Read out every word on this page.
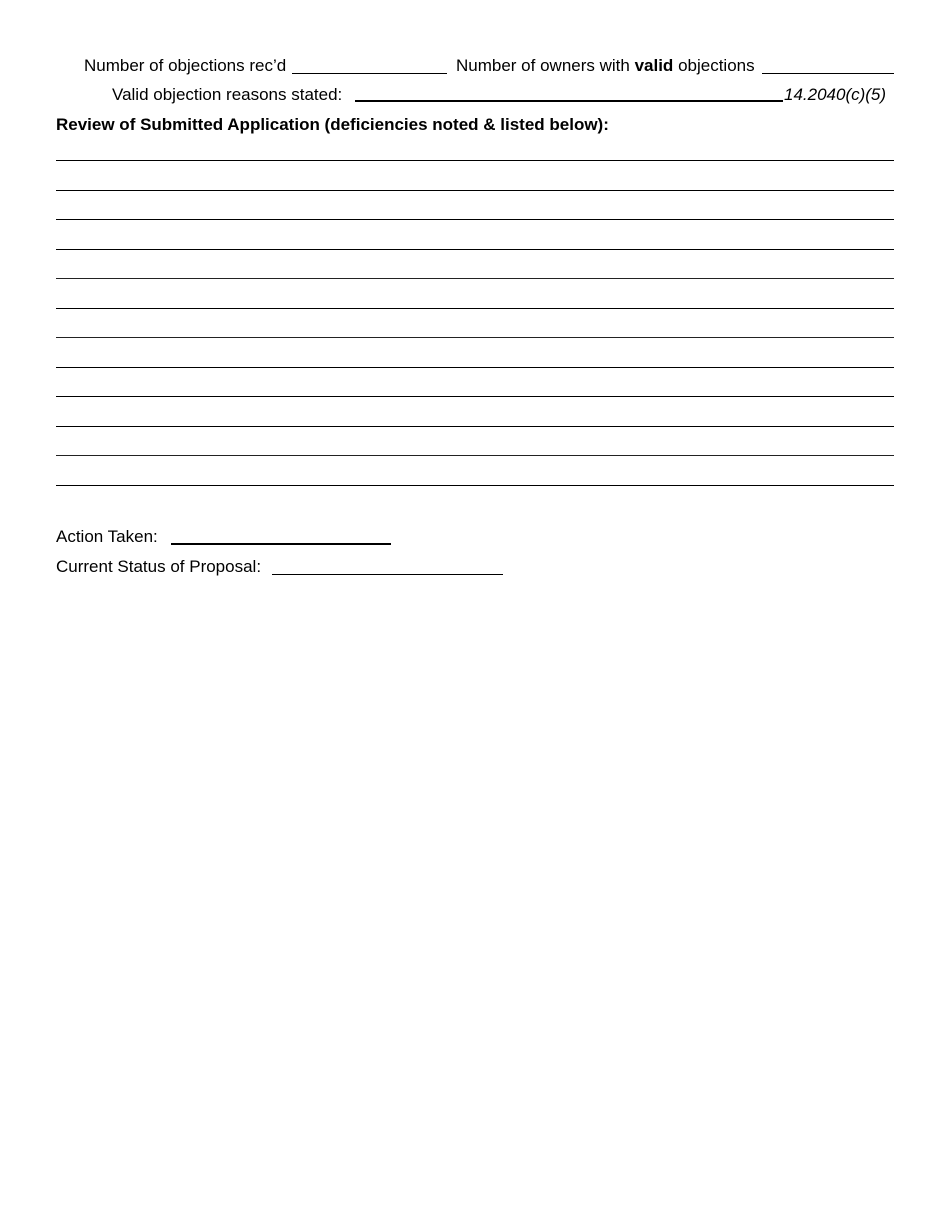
Number of objections rec’d	Number of owners with valid objections
Valid objection reasons stated:	14.2040(c)(5)
Review of Submitted Application (deficiencies noted & listed below):
Action Taken:
Current Status of Proposal:
